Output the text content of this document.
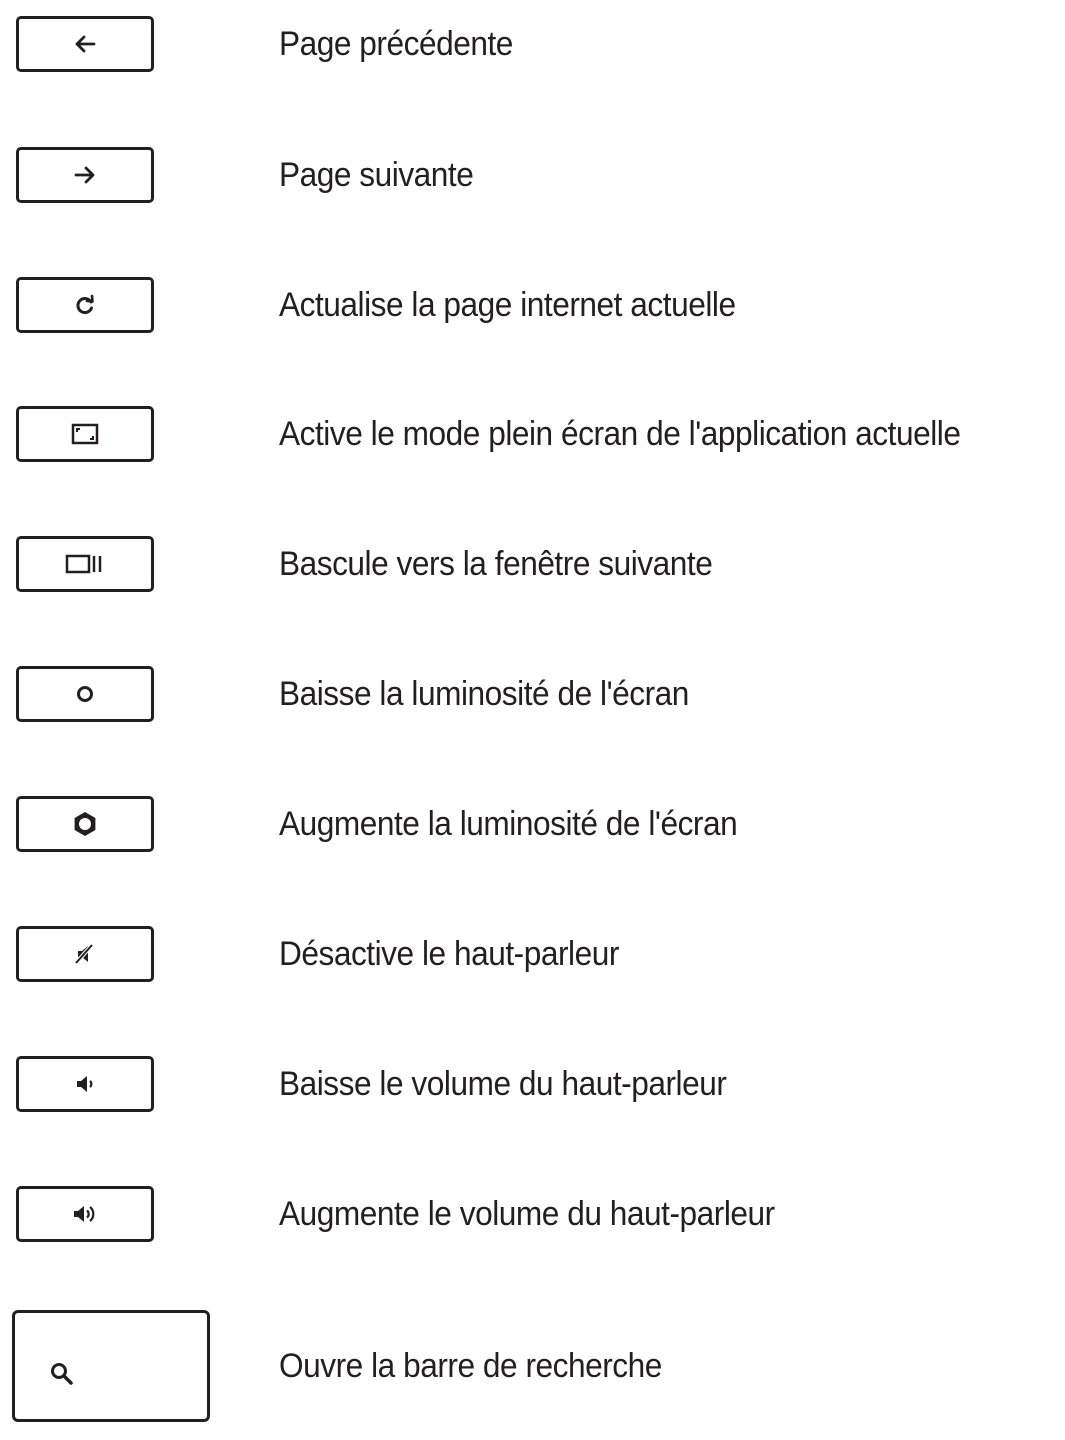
Page précédente
Page suivante
Actualise la page internet actuelle
Active le mode plein écran de l'application actuelle
Bascule vers la fenêtre suivante
Baisse la luminosité de l'écran
Augmente la luminosité de l'écran
Désactive le haut-parleur
Baisse le volume du haut-parleur
Augmente le volume du haut-parleur
Ouvre la barre de recherche
